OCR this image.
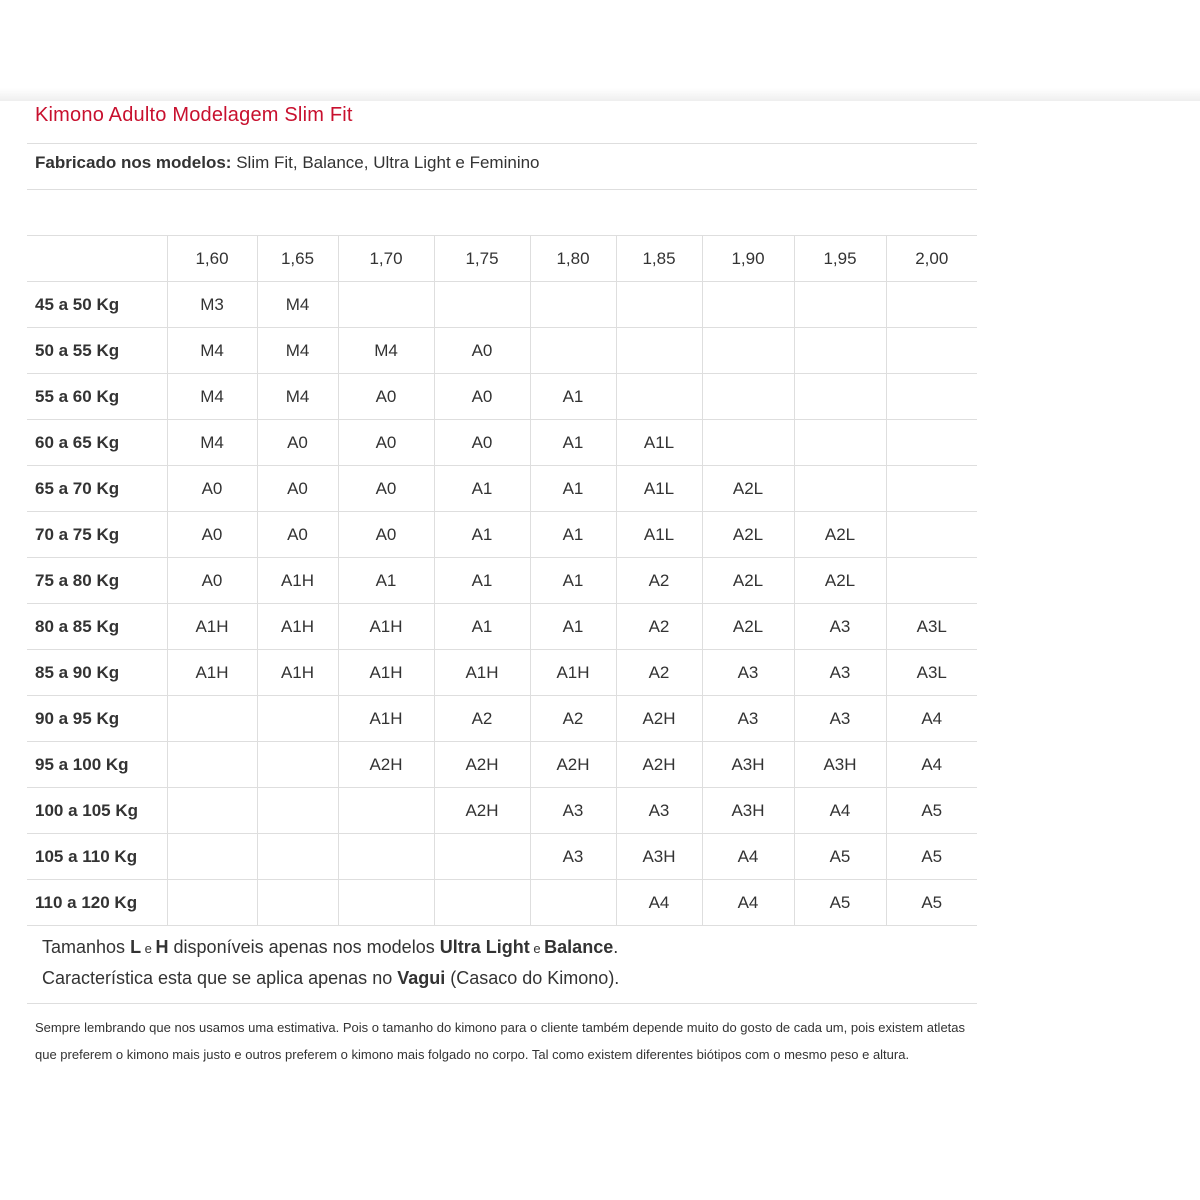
Kimono Adulto Modelagem Slim Fit
Fabricado nos modelos: Slim Fit, Balance, Ultra Light e Feminino
	1,60	1,65	1,70	1,75	1,80	1,85	1,90	1,95	2,00
45 a 50 Kg	M3	M4							
50 a 55 Kg	M4	M4	M4	A0					
55 a 60 Kg	M4	M4	A0	A0	A1				
60 a 65 Kg	M4	A0	A0	A0	A1	A1L			
65 a 70 Kg	A0	A0	A0	A1	A1	A1L	A2L		
70 a 75 Kg	A0	A0	A0	A1	A1	A1L	A2L	A2L	
75 a 80 Kg	A0	A1H	A1	A1	A1	A2	A2L	A2L	
80 a 85 Kg	A1H	A1H	A1H	A1	A1	A2	A2L	A3	A3L
85 a 90 Kg	A1H	A1H	A1H	A1H	A1H	A2	A3	A3	A3L
90 a 95 Kg			A1H	A2	A2	A2H	A3	A3	A4
95 a 100 Kg			A2H	A2H	A2H	A2H	A3H	A3H	A4
100 a 105 Kg				A2H	A3	A3	A3H	A4	A5
105 a 110 Kg					A3	A3H	A4	A5	A5
110 a 120 Kg						A4	A4	A5	A5
Tamanhos L e H disponíveis apenas nos modelos Ultra Light e Balance.
Característica esta que se aplica apenas no Vagui (Casaco do Kimono).
Sempre lembrando que nos usamos uma estimativa. Pois o tamanho do kimono para o cliente também depende muito do gosto de cada um, pois existem atletas que preferem o kimono mais justo e outros preferem o kimono mais folgado no corpo. Tal como existem diferentes biótipos com o mesmo peso e altura.
